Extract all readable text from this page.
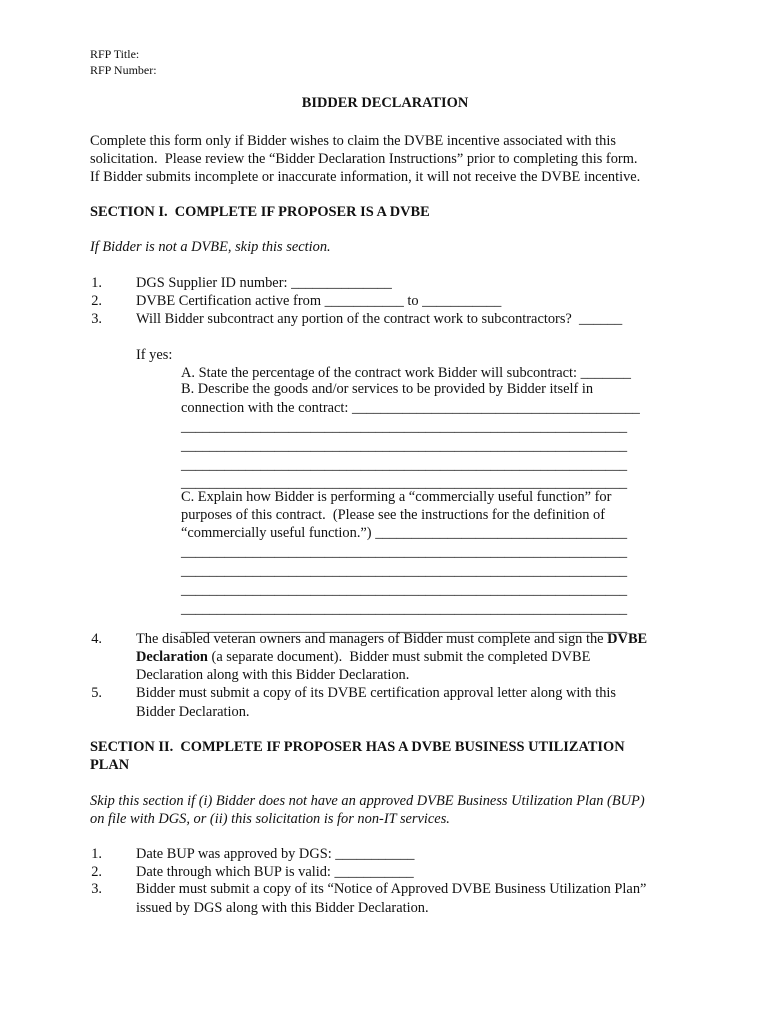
RFP Title:
RFP Number:
BIDDER DECLARATION
Complete this form only if Bidder wishes to claim the DVBE incentive associated with this
solicitation.  Please review the “Bidder Declaration Instructions” prior to completing this form.
If Bidder submits incomplete or inaccurate information, it will not receive the DVBE incentive.
SECTION I.  COMPLETE IF PROPOSER IS A DVBE
If Bidder is not a DVBE, skip this section.
1. DGS Supplier ID number: ______________
2. DVBE Certification active from ___________ to ___________
3. Will Bidder subcontract any portion of the contract work to subcontractors?  ______
If yes:
A. State the percentage of the contract work Bidder will subcontract: _______
B. Describe the goods and/or services to be provided by Bidder itself in
connection with the contract: ________________________________________
______________________________________________________________
______________________________________________________________
______________________________________________________________
______________________________________________________________
C. Explain how Bidder is performing a “commercially useful function” for
purposes of this contract.  (Please see the instructions for the definition of
“commercially useful function.”) ___________________________________
______________________________________________________________
______________________________________________________________
______________________________________________________________
______________________________________________________________
______________________________________________________________
4. The disabled veteran owners and managers of Bidder must complete and sign the DVBE
Declaration (a separate document).  Bidder must submit the completed DVBE
Declaration along with this Bidder Declaration.
5. Bidder must submit a copy of its DVBE certification approval letter along with this
Bidder Declaration.
SECTION II.  COMPLETE IF PROPOSER HAS A DVBE BUSINESS UTILIZATION
PLAN
Skip this section if (i) Bidder does not have an approved DVBE Business Utilization Plan (BUP)
on file with DGS, or (ii) this solicitation is for non-IT services.
1. Date BUP was approved by DGS: ___________
2. Date through which BUP is valid: ___________
3. Bidder must submit a copy of its “Notice of Approved DVBE Business Utilization Plan”
issued by DGS along with this Bidder Declaration.
